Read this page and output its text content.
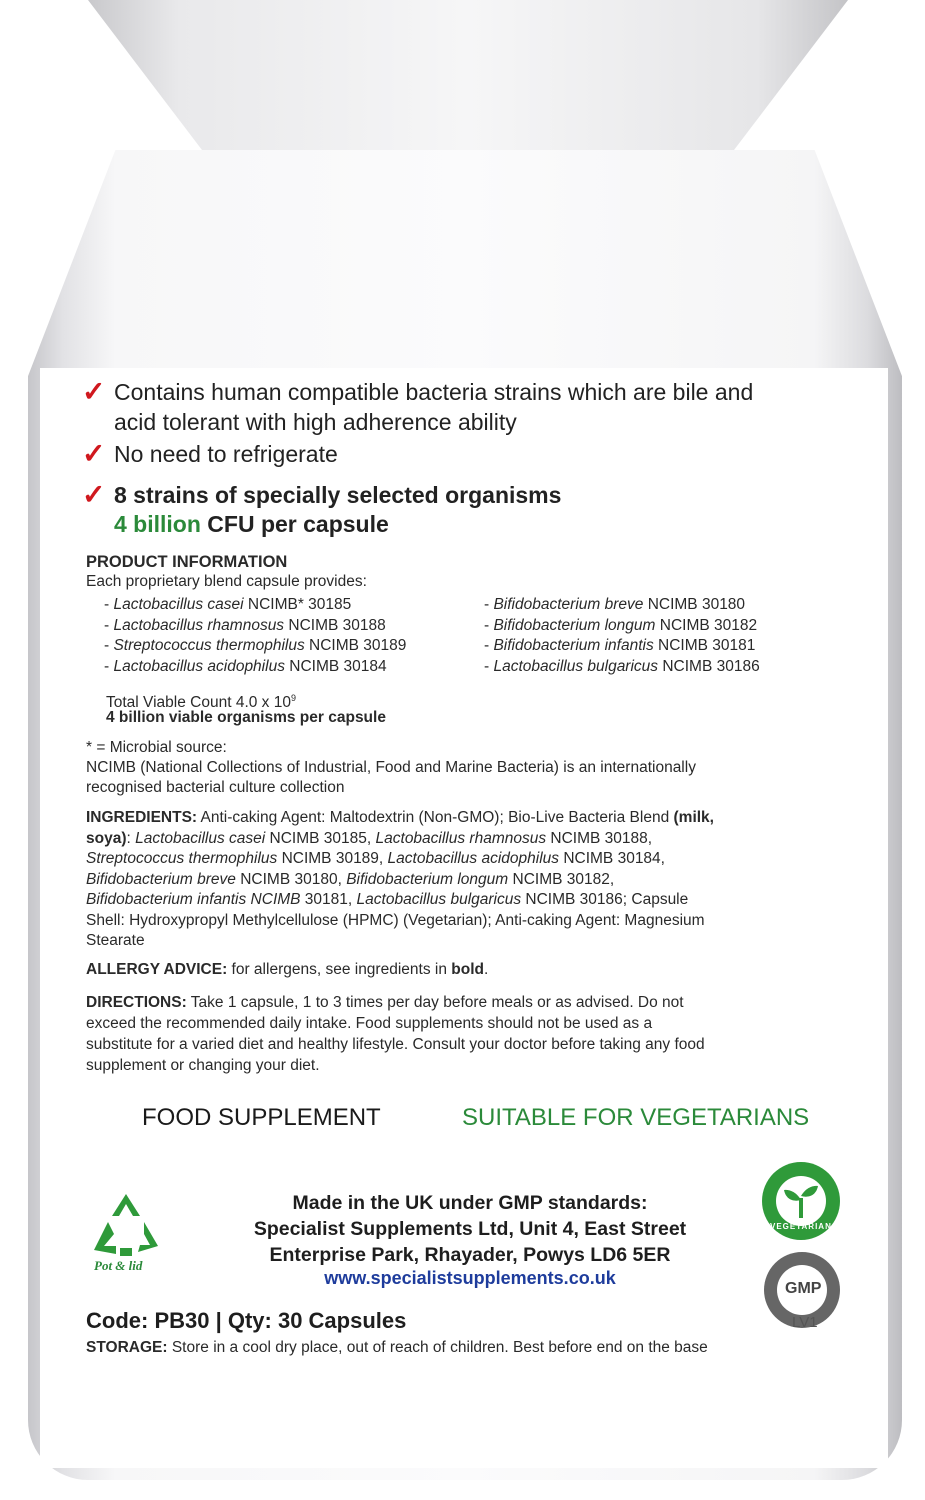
✓ Contains human compatible bacteria strains which are bile and
acid tolerant with high adherence ability
✓ No need to refrigerate
✓ 8 strains of specially selected organisms
4 billion CFU per capsule
PRODUCT INFORMATION
Each proprietary blend capsule provides:
- Lactobacillus casei NCIMB* 30185
- Lactobacillus rhamnosus NCIMB 30188
- Streptococcus thermophilus NCIMB 30189
- Lactobacillus acidophilus NCIMB 30184
- Bifidobacterium breve NCIMB 30180
- Bifidobacterium longum NCIMB 30182
- Bifidobacterium infantis NCIMB 30181
- Lactobacillus bulgaricus NCIMB 30186
Total Viable Count 4.0 x $10^9$
4 billion viable organisms per capsule
* = Microbial source:
NCIMB (National Collections of Industrial, Food and Marine Bacteria) is an internationally
recognised bacterial culture collection
INGREDIENTS: Anti-caking Agent: Maltodextrin (Non-GMO); Bio-Live Bacteria Blend (milk,
soya): Lactobacillus casei NCIMB 30185, Lactobacillus rhamnosus NCIMB 30188,
Streptococcus thermophilus NCIMB 30189, Lactobacillus acidophilus NCIMB 30184,
Bifidobacterium breve NCIMB 30180, Bifidobacterium longum NCIMB 30182,
Bifidobacterium infantis NCIMB 30181, Lactobacillus bulgaricus NCIMB 30186; Capsule
Shell: Hydroxypropyl Methylcellulose (HPMC) (Vegetarian); Anti-caking Agent: Magnesium
Stearate
ALLERGY ADVICE: for allergens, see ingredients in bold.
DIRECTIONS: Take 1 capsule, 1 to 3 times per day before meals or as advised. Do not
exceed the recommended daily intake. Food supplements should not be used as a
substitute for a varied diet and healthy lifestyle. Consult your doctor before taking any food
supplement or changing your diet.
FOOD SUPPLEMENT	SUITABLE FOR VEGETARIANS
Pot & lid
Made in the UK under GMP standards:
Specialist Supplements Ltd, Unit 4, East Street
Enterprise Park, Rhayader, Powys LD6 5ER
www.specialistsupplements.co.uk
VEGETARIAN
GMP
Code: PB30 | Qty: 30 Capsules	LV1
STORAGE: Store in a cool dry place, out of reach of children. Best before end on the base
